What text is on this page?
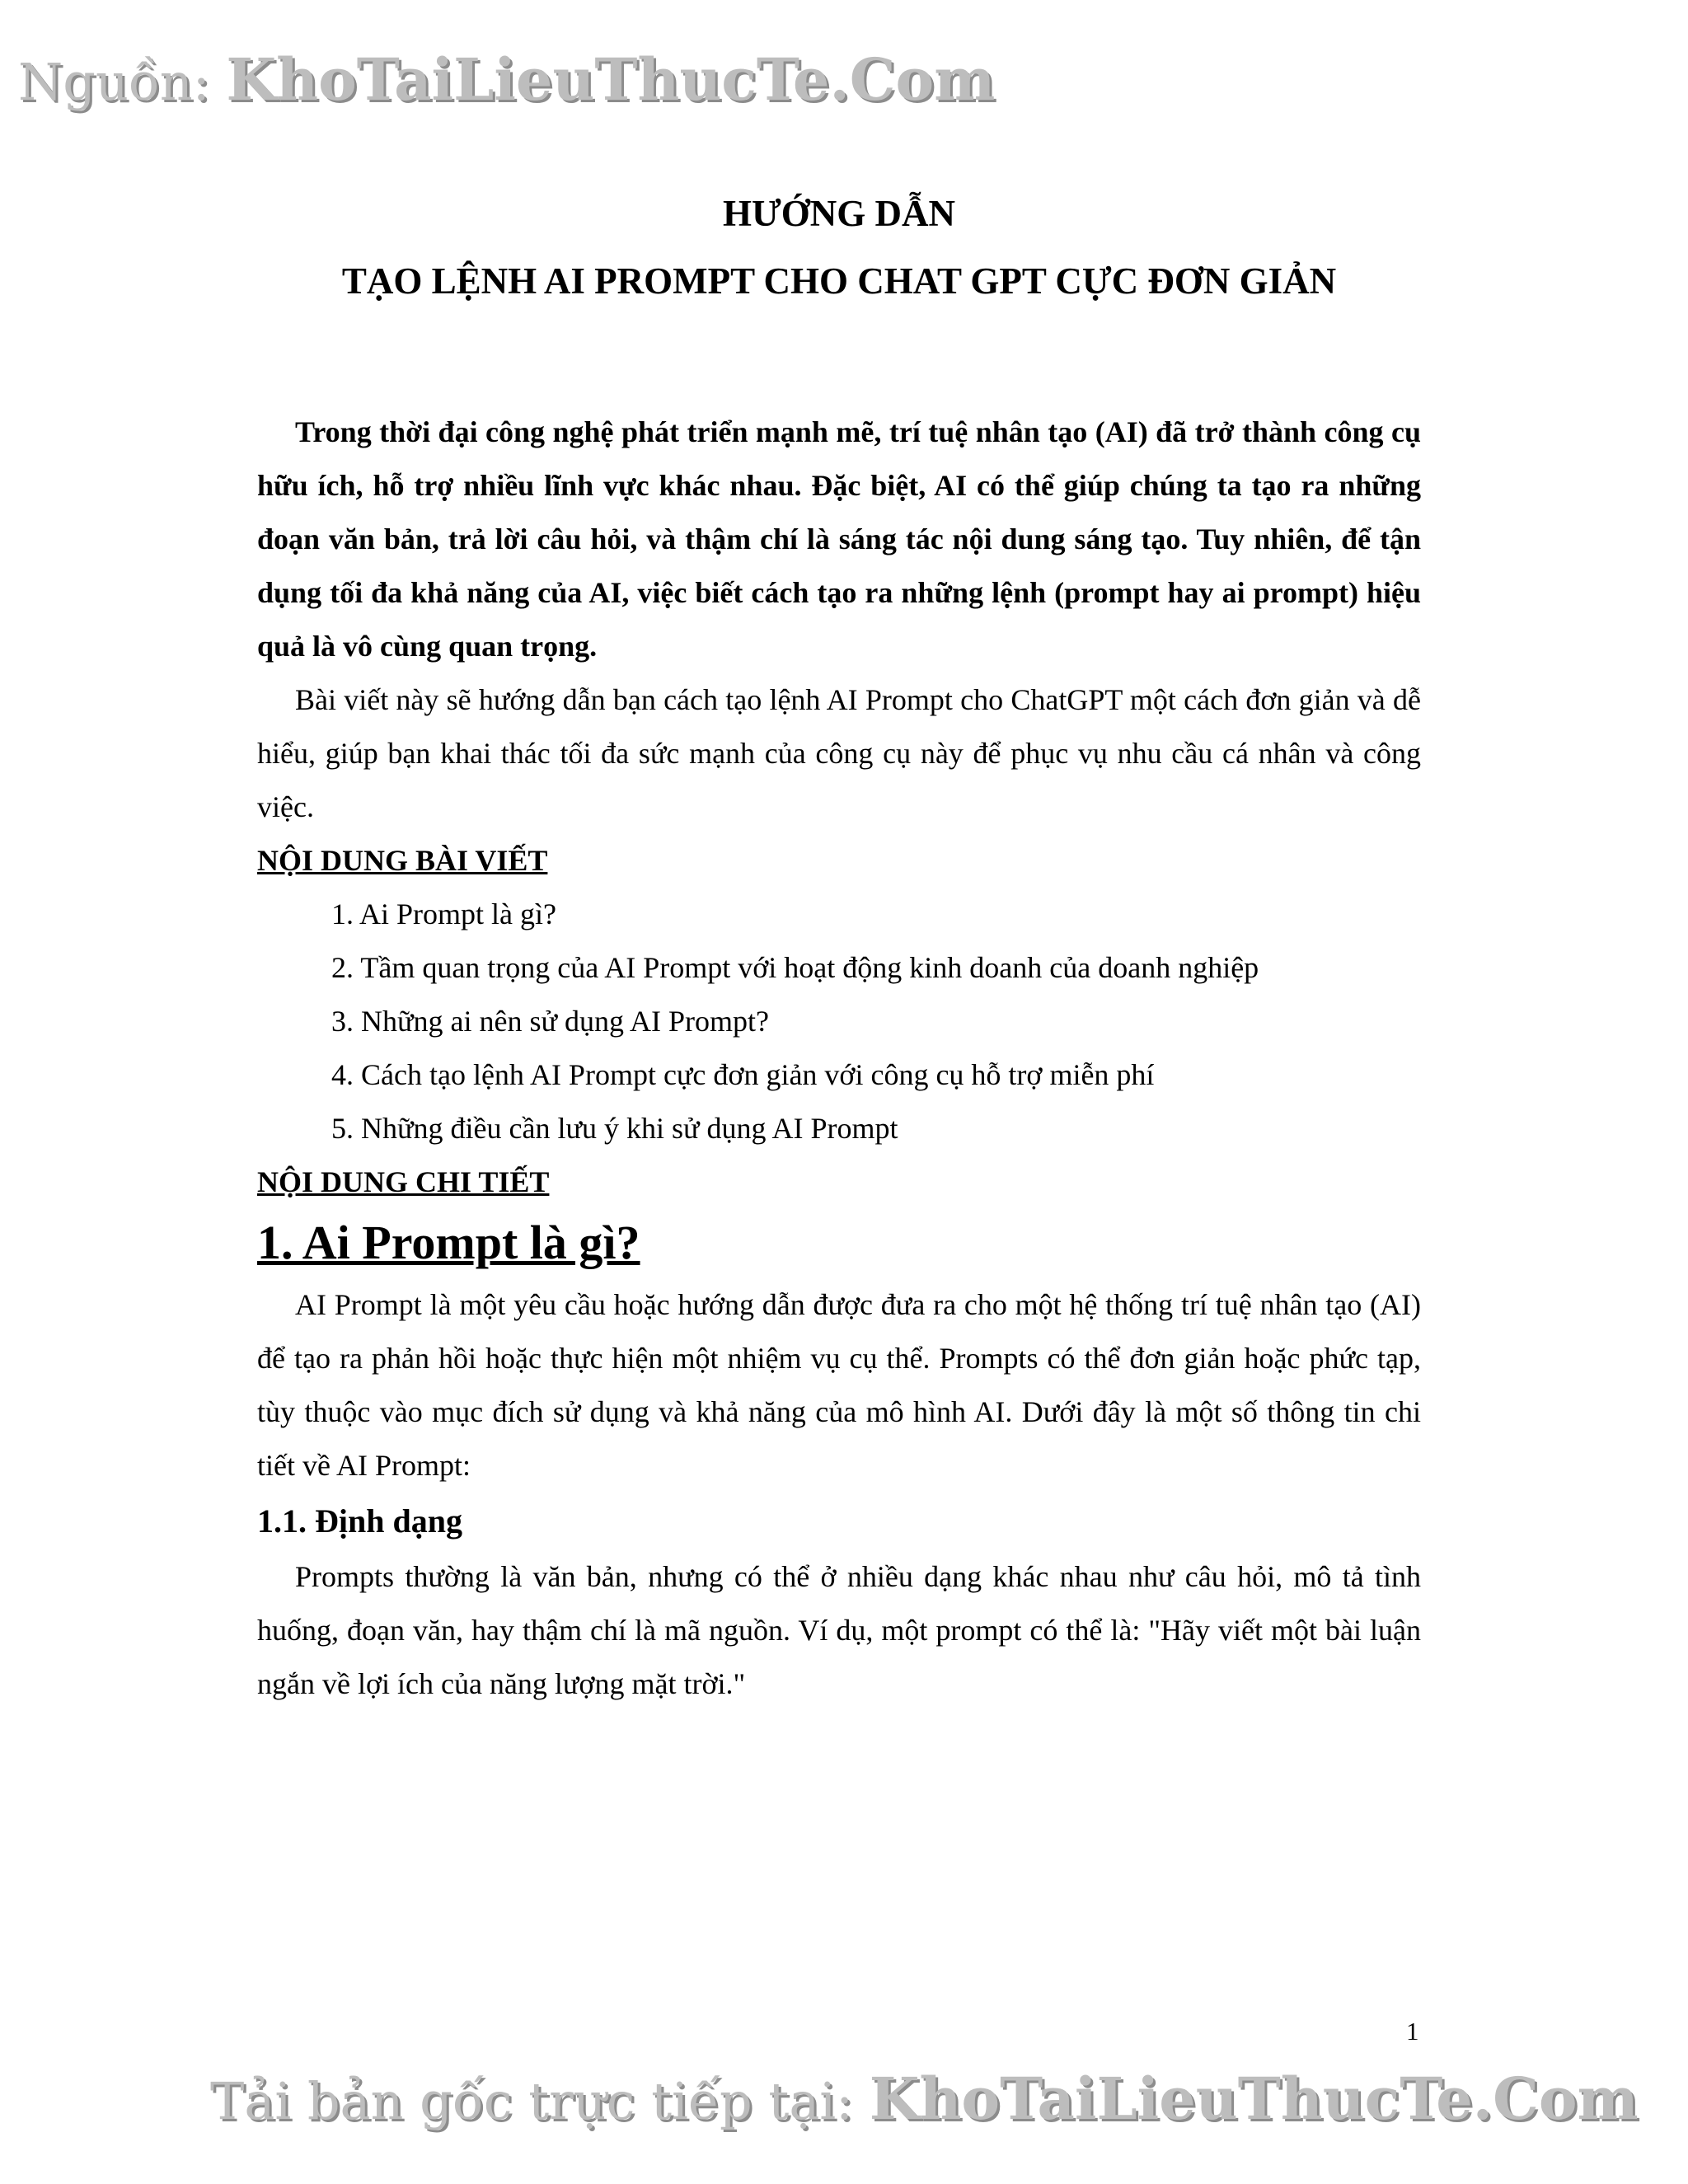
Nguồn: KhoTaiLieuThucTe.Com
HƯỚNG DẪN
TẠO LỆNH AI PROMPT CHO CHAT GPT CỰC ĐƠN GIẢN

Trong thời đại công nghệ phát triển mạnh mẽ, trí tuệ nhân tạo (AI) đã trở thành công cụ hữu ích, hỗ trợ nhiều lĩnh vực khác nhau. Đặc biệt, AI có thể giúp chúng ta tạo ra những đoạn văn bản, trả lời câu hỏi, và thậm chí là sáng tác nội dung sáng tạo. Tuy nhiên, để tận dụng tối đa khả năng của AI, việc biết cách tạo ra những lệnh (prompt hay ai prompt) hiệu quả là vô cùng quan trọng.

Bài viết này sẽ hướng dẫn bạn cách tạo lệnh AI Prompt cho ChatGPT một cách đơn giản và dễ hiểu, giúp bạn khai thác tối đa sức mạnh của công cụ này để phục vụ nhu cầu cá nhân và công việc.

NỘI DUNG BÀI VIẾT
1. Ai Prompt là gì?
2. Tầm quan trọng của AI Prompt với hoạt động kinh doanh của doanh nghiệp
3. Những ai nên sử dụng AI Prompt?
4. Cách tạo lệnh AI Prompt cực đơn giản với công cụ hỗ trợ miễn phí
5. Những điều cần lưu ý khi sử dụng AI Prompt
NỘI DUNG CHI TIẾT
1. Ai Prompt là gì?

AI Prompt là một yêu cầu hoặc hướng dẫn được đưa ra cho một hệ thống trí tuệ nhân tạo (AI) để tạo ra phản hồi hoặc thực hiện một nhiệm vụ cụ thể. Prompts có thể đơn giản hoặc phức tạp, tùy thuộc vào mục đích sử dụng và khả năng của mô hình AI. Dưới đây là một số thông tin chi tiết về AI Prompt:

1.1. Định dạng

Prompts thường là văn bản, nhưng có thể ở nhiều dạng khác nhau như câu hỏi, mô tả tình huống, đoạn văn, hay thậm chí là mã nguồn. Ví dụ, một prompt có thể là: "Hãy viết một bài luận ngắn về lợi ích của năng lượng mặt trời."

1
Tải bản gốc trực tiếp tại: KhoTaiLieuThucTe.Com
